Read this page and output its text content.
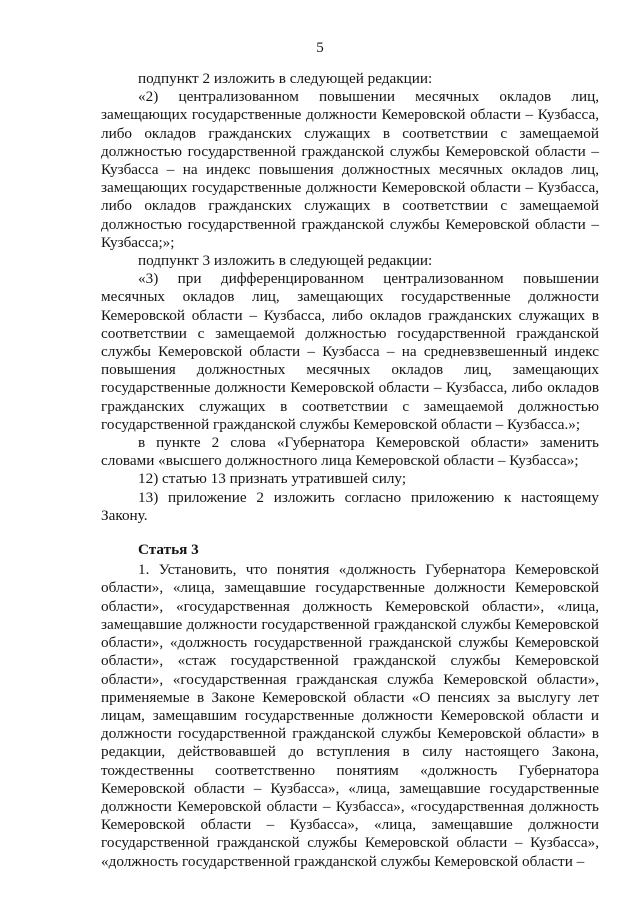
5

подпункт 2 изложить в следующей редакции:

«2) централизованном повышении месячных окладов лиц, замещающих государственные должности Кемеровской области – Кузбасса, либо окладов гражданских служащих в соответствии с замещаемой должностью государственной гражданской службы Кемеровской области – Кузбасса – на индекс повышения должностных месячных окладов лиц, замещающих государственные должности Кемеровской области – Кузбасса, либо окладов гражданских служащих в соответствии с замещаемой должностью государственной гражданской службы Кемеровской области – Кузбасса;»;

подпункт 3 изложить в следующей редакции:

«3) при дифференцированном централизованном повышении месячных окладов лиц, замещающих государственные должности Кемеровской области – Кузбасса, либо окладов гражданских служащих в соответствии с замещаемой должностью государственной гражданской службы Кемеровской области – Кузбасса – на средневзвешенный индекс повышения должностных месячных окладов лиц, замещающих государственные должности Кемеровской области – Кузбасса, либо окладов гражданских служащих в соответствии с замещаемой должностью государственной гражданской службы Кемеровской области – Кузбасса.»;

в пункте 2 слова «Губернатора Кемеровской области» заменить словами «высшего должностного лица Кемеровской области – Кузбасса»;

12) статью 13 признать утратившей силу;

13) приложение 2 изложить согласно приложению к настоящему Закону.

Статья 3

1. Установить, что понятия «должность Губернатора Кемеровской области», «лица, замещавшие государственные должности Кемеровской области», «государственная должность Кемеровской области», «лица, замещавшие должности государственной гражданской службы Кемеровской области», «должность государственной гражданской службы Кемеровской области», «стаж государственной гражданской службы Кемеровской области», «государственная гражданская служба Кемеровской области», применяемые в Законе Кемеровской области «О пенсиях за выслугу лет лицам, замещавшим государственные должности Кемеровской области и должности государственной гражданской службы Кемеровской области» в редакции, действовавшей до вступления в силу настоящего Закона, тождественны соответственно понятиям «должность Губернатора Кемеровской области – Кузбасса», «лица, замещавшие государственные должности Кемеровской области – Кузбасса», «государственная должность Кемеровской области – Кузбасса», «лица, замещавшие должности государственной гражданской службы Кемеровской области – Кузбасса», «должность государственной гражданской службы Кемеровской области –
